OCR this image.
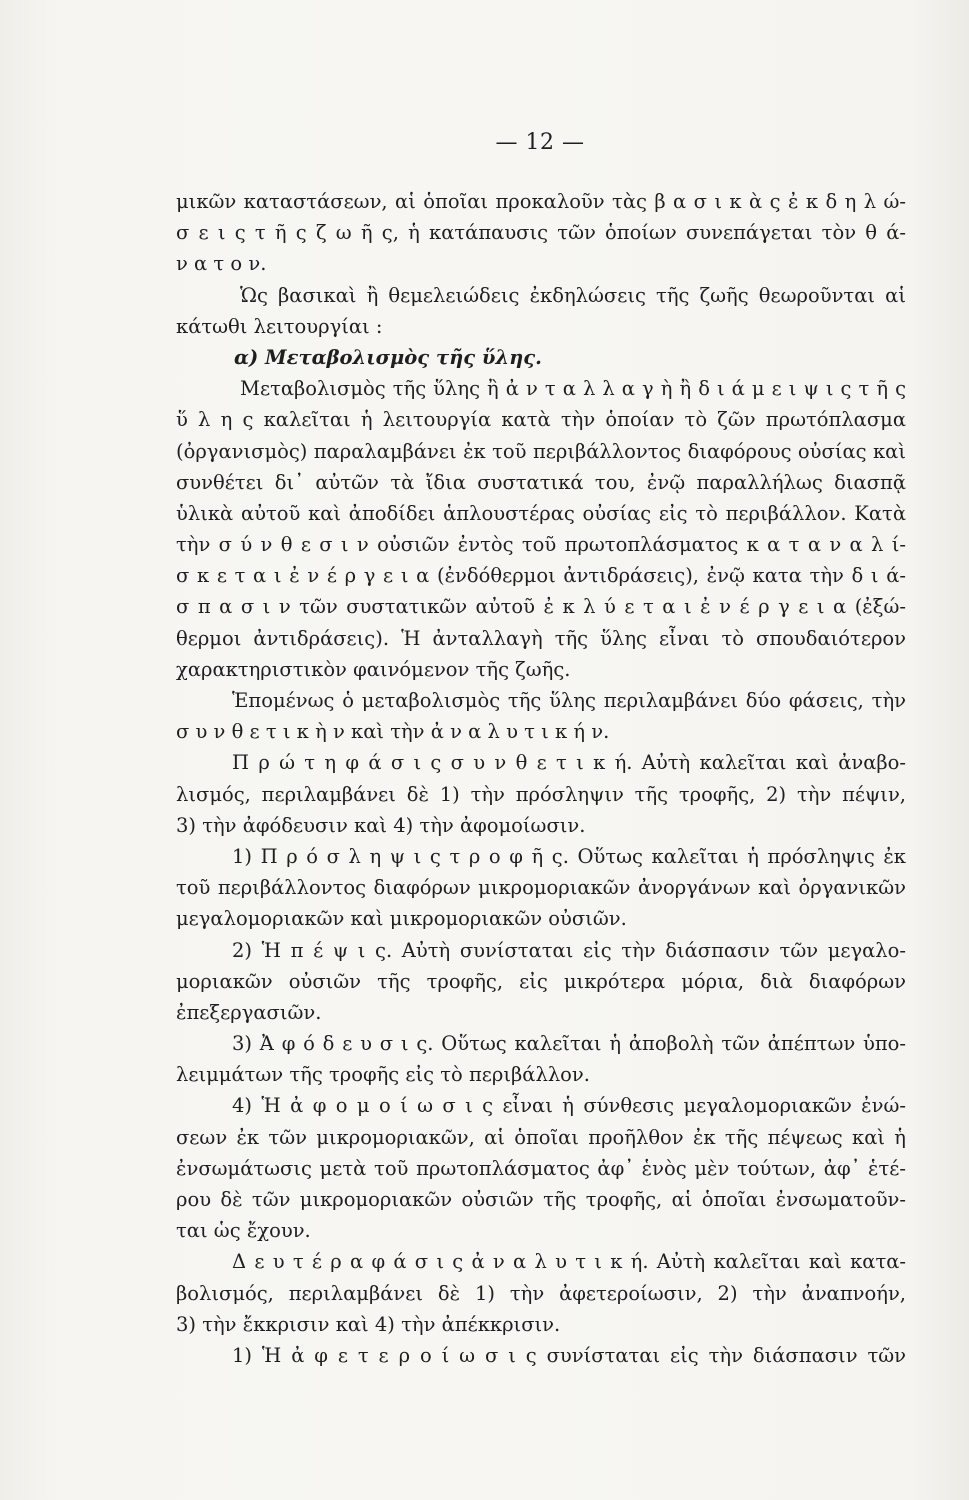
— 12 —
μικῶν καταστάσεων, αἱ ὁποῖαι προκαλοῦν τὰς β α σ ι κ ὰ ς ἐ κ δ η λ ώ-
σ ε ι ς τ ῆ ς ζ ω ῆ ς, ἡ κατάπαυσις τῶν ὁποίων συνεπάγεται τὸν θ ά-
ν α τ ο ν.
Ὡς βασικαὶ ἢ θεμελειώδεις ἐκδηλώσεις τῆς ζωῆς θεωροῦνται αἱ
κάτωθι λειτουργίαι :
α) Μεταβολισμὸς τῆς ὕλης.
Μεταβολισμὸς τῆς ὕλης ἢ ἀ ν τ α λ λ α γ ὴ ἢ δ ι ά μ ε ι ψ ι ς τ ῆ ς
ὕ λ η ς καλεῖται ἡ λειτουργία κατὰ τὴν ὁποίαν τὸ ζῶν πρωτόπλασμα
(ὀργανισμὸς) παραλαμβάνει ἐκ τοῦ περιβάλλοντος διαφόρους οὐσίας καὶ
συνθέτει δι᾽ αὐτῶν τὰ ἴδια συστατικά του, ἐνῷ παραλλήλως διασπᾷ
ὑλικὰ αὐτοῦ καὶ ἀποδίδει ἁπλουστέρας οὐσίας εἰς τὸ περιβάλλον. Κατὰ
τὴν σ ύ ν θ ε σ ι ν οὐσιῶν ἐντὸς τοῦ πρωτοπλάσματος κ α τ α ν α λ ί-
σ κ ε τ α ι ἐ ν έ ρ γ ε ι α (ἐνδόθερμοι ἀντιδράσεις), ἐνῷ κατα τὴν δ ι ά-
σ π α σ ι ν τῶν συστατικῶν αὐτοῦ ἐ κ λ ύ ε τ α ι ἐ ν έ ρ γ ε ι α (ἐξώ-
θερμοι ἀντιδράσεις). Ἡ ἀνταλλαγὴ τῆς ὕλης εἶναι τὸ σπουδαιότερον
χαρακτηριστικὸν φαινόμενον τῆς ζωῆς.
Ἑπομένως ὁ μεταβολισμὸς τῆς ὕλης περιλαμβάνει δύο φάσεις, τὴν
σ υ ν θ ε τ ι κ ὴ ν καὶ τὴν ἀ ν α λ υ τ ι κ ή ν.
Π ρ ώ τ η φ ά σ ι ς σ υ ν θ ε τ ι κ ή. Αὐτὴ καλεῖται καὶ ἀναβο-
λισμός, περιλαμβάνει δὲ 1) τὴν πρόσληψιν τῆς τροφῆς, 2) τὴν πέψιν,
3) τὴν ἀφόδευσιν καὶ 4) τὴν ἀφομοίωσιν.
1) Π ρ ό σ λ η ψ ι ς τ ρ ο φ ῆ ς. Οὕτως καλεῖται ἡ πρόσληψις ἐκ
τοῦ περιβάλλοντος διαφόρων μικρομοριακῶν ἀνοργάνων καὶ ὀργανικῶν
μεγαλομοριακῶν καὶ μικρομοριακῶν οὐσιῶν.
2) Ἡ π έ ψ ι ς. Αὐτὴ συνίσταται εἰς τὴν διάσπασιν τῶν μεγαλο-
μοριακῶν οὐσιῶν τῆς τροφῆς, εἰς μικρότερα μόρια, διὰ διαφόρων
ἐπεξεργασιῶν.
3) Ἀ φ ό δ ε υ σ ι ς. Οὕτως καλεῖται ἡ ἀποβολὴ τῶν ἀπέπτων ὑπο-
λειμμάτων τῆς τροφῆς εἰς τὸ περιβάλλον.
4) Ἡ ἀ φ ο μ ο ί ω σ ι ς εἶναι ἡ σύνθεσις μεγαλομοριακῶν ἐνώ-
σεων ἐκ τῶν μικρομοριακῶν, αἱ ὁποῖαι προῆλθον ἐκ τῆς πέψεως καὶ ἡ
ἐνσωμάτωσις μετὰ τοῦ πρωτοπλάσματος ἀφ᾽ ἑνὸς μὲν τούτων, ἀφ᾽ ἑτέ-
ρου δὲ τῶν μικρομοριακῶν οὐσιῶν τῆς τροφῆς, αἱ ὁποῖαι ἐνσωματοῦν-
ται ὡς ἔχουν.
Δ ε υ τ έ ρ α φ ά σ ι ς ἀ ν α λ υ τ ι κ ή. Αὐτὴ καλεῖται καὶ κατα-
βολισμός, περιλαμβάνει δὲ 1) τὴν ἀφετεροίωσιν, 2) τὴν ἀναπνοήν,
3) τὴν ἔκκρισιν καὶ 4) τὴν ἀπέκκρισιν.
1) Ἡ ἀ φ ε τ ε ρ ο ί ω σ ι ς συνίσταται εἰς τὴν διάσπασιν τῶν
